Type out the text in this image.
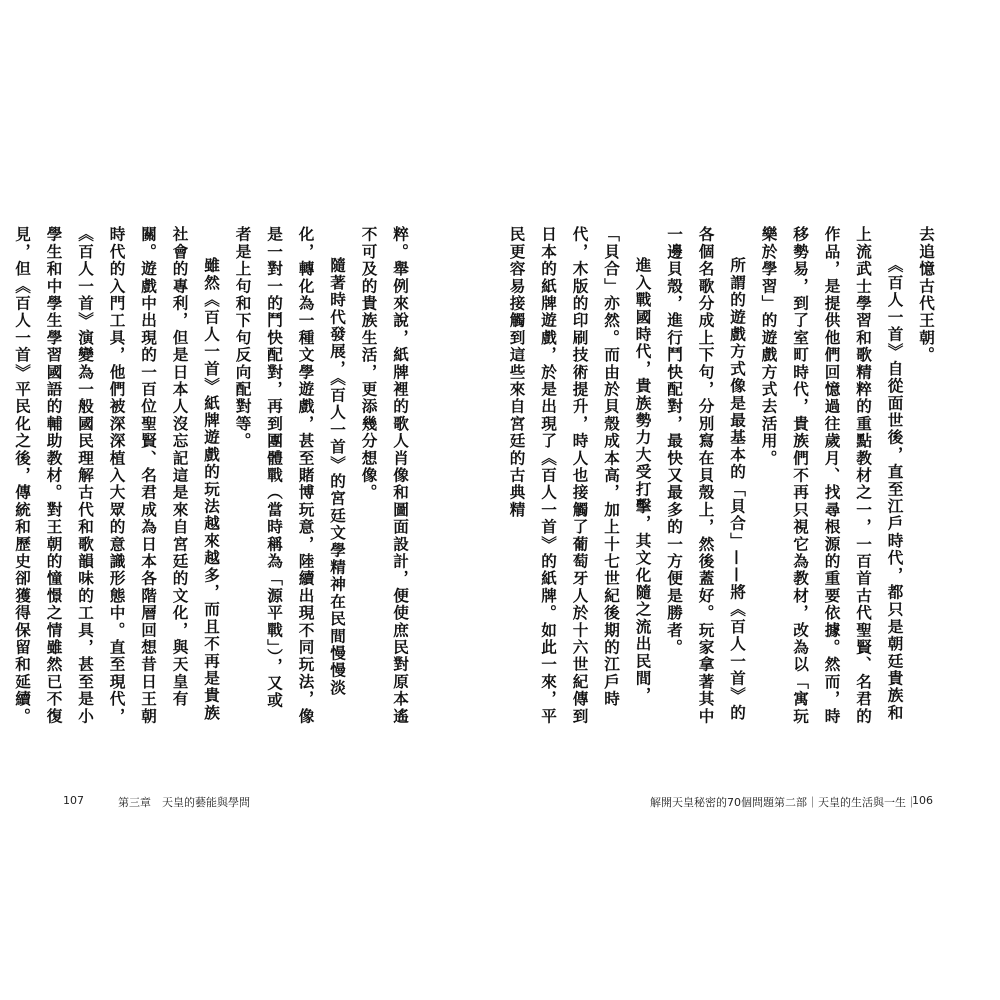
粹。舉例來說，紙牌裡的歌人肖像和圖面設計，便使庶民對原本遙不可及的貴族生活，更添幾分想像。

隨著時代發展，《百人一首》的宮廷文學精神在民間慢慢淡化，轉化為一種文學遊戲，甚至賭博玩意，陸續出現不同玩法，像是一對一的鬥快配對，再到團體戰（當時稱為「源平戰」），又或者是上句和下句反向配對等。

雖然《百人一首》紙牌遊戲的玩法越來越多，而且不再是貴族社會的專利，但是日本人沒忘記這是來自宮廷的文化，與天皇有關。遊戲中出現的一百位聖賢、名君成為日本各階層回想昔日王朝時代的入門工具，他們被深深植入大眾的意識形態中。直至現代，《百人一首》演變為一般國民理解古代和歌韻味的工具，甚至是小學生和中學生學習國語的輔助教材。對王朝的憧憬之情雖然已不復見，但《百人一首》平民化之後，傳統和歷史卻獲得保留和延續。

107	第三章　天皇的藝能與學問

去追憶古代王朝。

《百人一首》自從面世後，直至江戶時代，都只是朝廷貴族和上流武士學習和歌精粹的重點教材之一，一百首古代聖賢、名君的作品，是提供他們回憶過往歲月、找尋根源的重要依據。然而，時移勢易，到了室町時代，貴族們不再只視它為教材，改為以「寓玩樂於學習」的遊戲方式去活用。

所謂的遊戲方式像是最基本的「貝合」——將《百人一首》的各個名歌分成上下句，分別寫在貝殼上，然後蓋好。玩家拿著其中一邊貝殼，進行鬥快配對，最快又最多的一方便是勝者。

進入戰國時代，貴族勢力大受打擊，其文化隨之流出民間，「貝合」亦然。而由於貝殼成本高，加上十七世紀後期的江戶時代，木版的印刷技術提升，時人也接觸了葡萄牙人於十六世紀傳到日本的紙牌遊戲，於是出現了《百人一首》的紙牌。如此一來，平民更容易接觸到這些來自宮廷的古典精

解開天皇秘密的70個問題第二部｜天皇的生活與一生｜
106
